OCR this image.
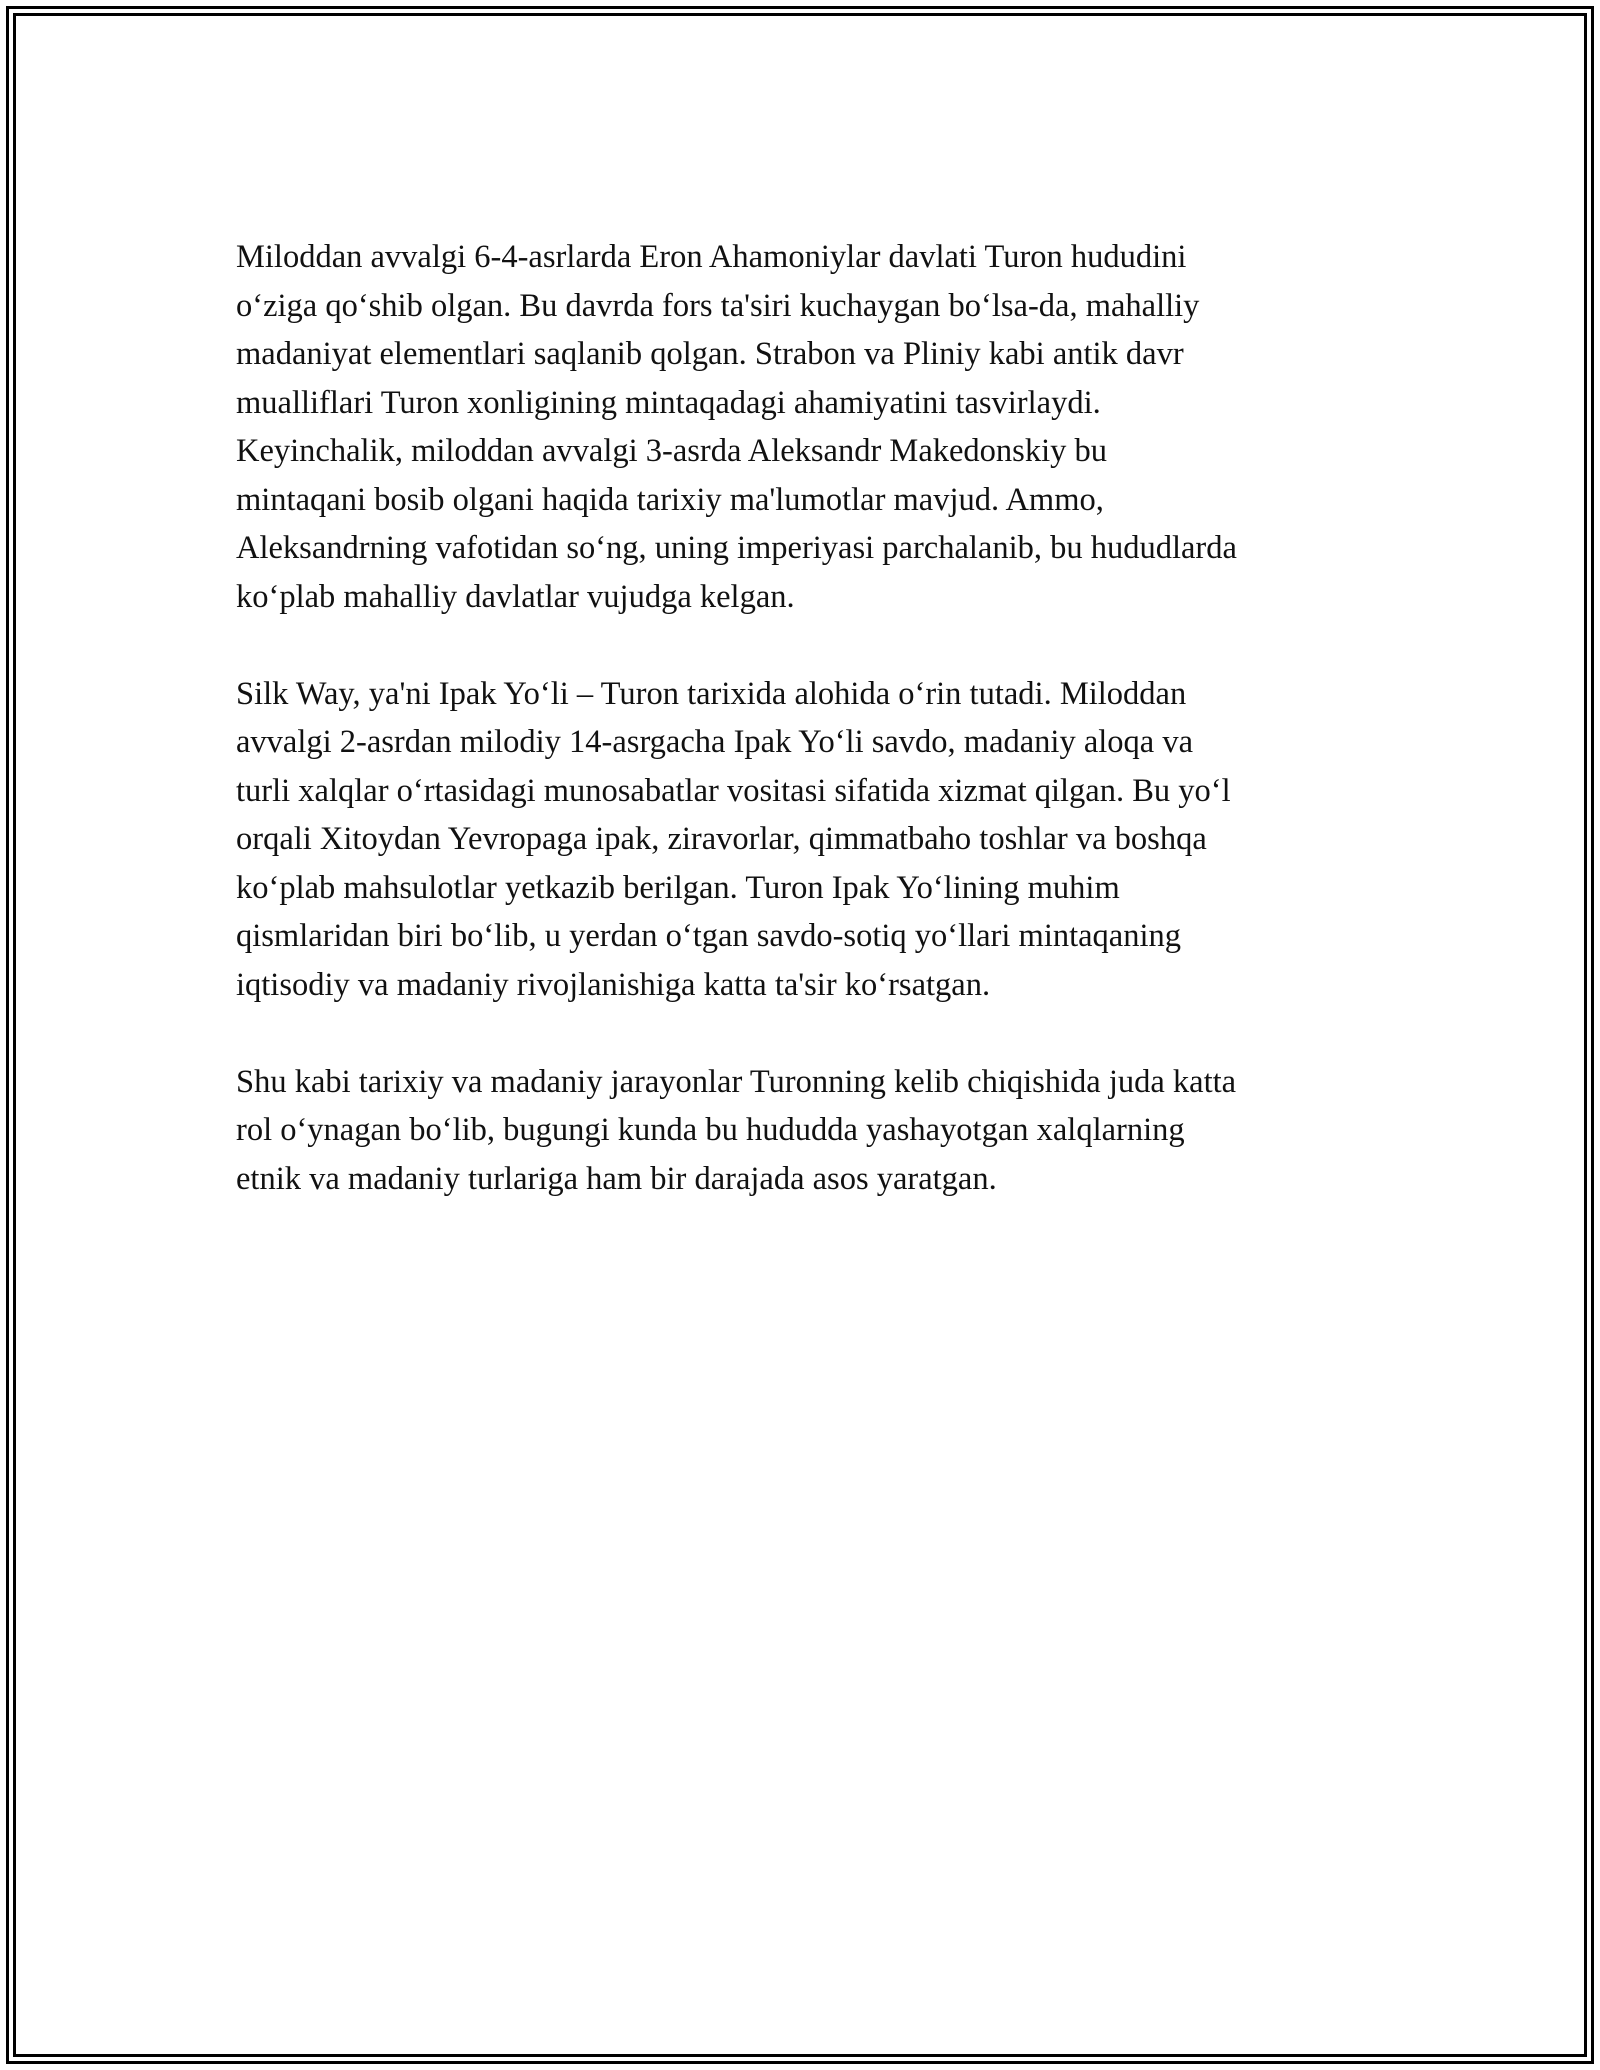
Miloddan avvalgi 6-4-asrlarda Eron Ahamoniylar davlati Turon hududini
o‘ziga qo‘shib olgan. Bu davrda fors ta'siri kuchaygan bo‘lsa-da, mahalliy
madaniyat elementlari saqlanib qolgan. Strabon va Pliniy kabi antik davr
mualliflari Turon xonligining mintaqadagi ahamiyatini tasvirlaydi.
Keyinchalik, miloddan avvalgi 3-asrda Aleksandr Makedonskiy bu
mintaqani bosib olgani haqida tarixiy ma'lumotlar mavjud. Ammo,
Aleksandrning vafotidan so‘ng, uning imperiyasi parchalanib, bu hududlarda
ko‘plab mahalliy davlatlar vujudga kelgan.

Silk Way, ya'ni Ipak Yo‘li – Turon tarixida alohida o‘rin tutadi. Miloddan
avvalgi 2-asrdan milodiy 14-asrgacha Ipak Yo‘li savdo, madaniy aloqa va
turli xalqlar o‘rtasidagi munosabatlar vositasi sifatida xizmat qilgan. Bu yo‘l
orqali Xitoydan Yevropaga ipak, ziravorlar, qimmatbaho toshlar va boshqa
ko‘plab mahsulotlar yetkazib berilgan. Turon Ipak Yo‘lining muhim
qismlaridan biri bo‘lib, u yerdan o‘tgan savdo-sotiq yo‘llari mintaqaning
iqtisodiy va madaniy rivojlanishiga katta ta'sir ko‘rsatgan.

Shu kabi tarixiy va madaniy jarayonlar Turonning kelib chiqishida juda katta
rol o‘ynagan bo‘lib, bugungi kunda bu hududda yashayotgan xalqlarning
etnik va madaniy turlariga ham bir darajada asos yaratgan.
